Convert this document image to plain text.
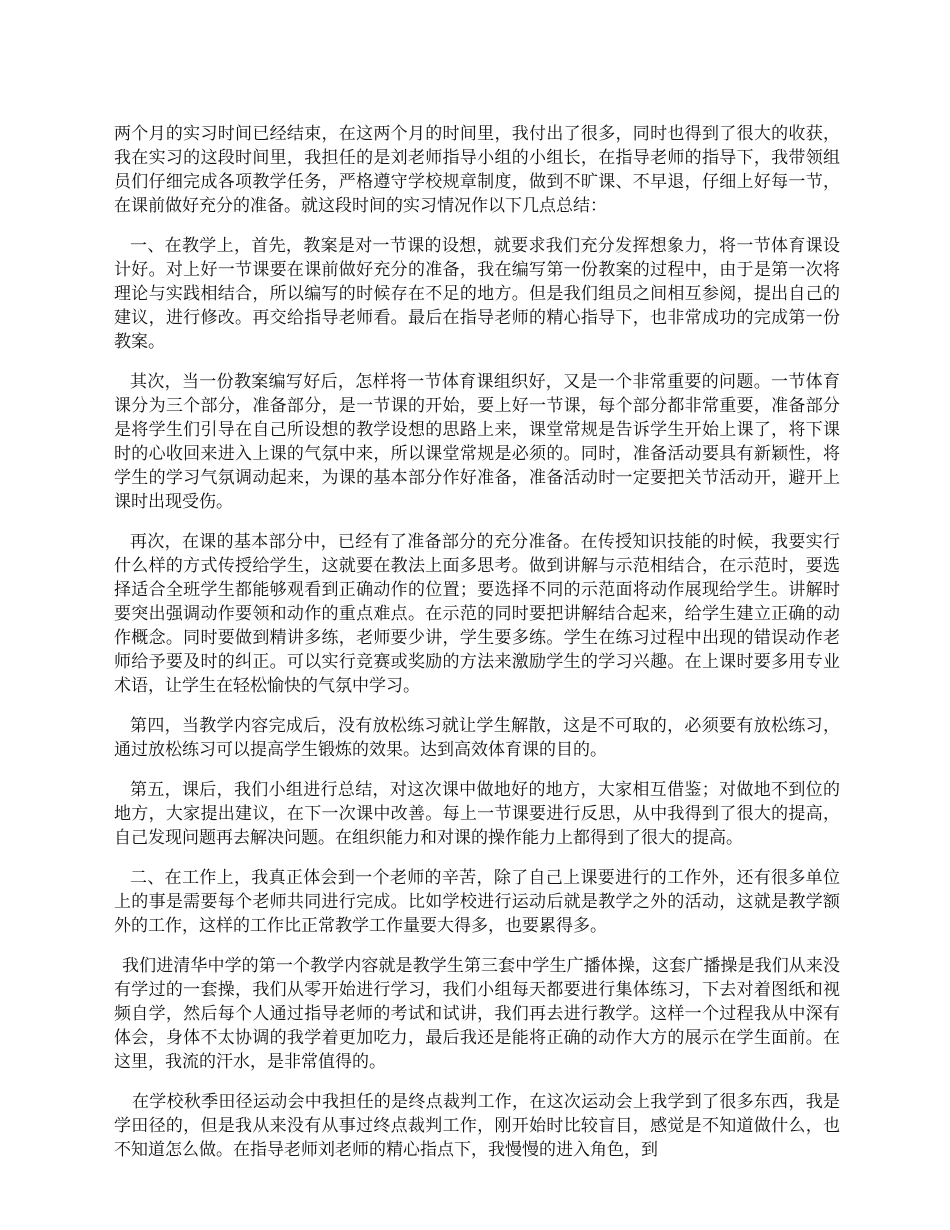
两个月的实习时间已经结束，在这两个月的时间里，我付出了很多，同时也得到了很大的收获，我在实习的这段时间里，我担任的是刘老师指导小组的小组长，在指导老师的指导下，我带领组员们仔细完成各项教学任务，严格遵守学校规章制度，做到不旷课、不早退，仔细上好每一节，在课前做好充分的准备。就这段时间的实习情况作以下几点总结：

一、在教学上，首先，教案是对一节课的设想，就要求我们充分发挥想象力，将一节体育课设计好。对上好一节课要在课前做好充分的准备，我在编写第一份教案的过程中，由于是第一次将理论与实践相结合，所以编写的时候存在不足的地方。但是我们组员之间相互参阅，提出自己的建议，进行修改。再交给指导老师看。最后在指导老师的精心指导下，也非常成功的完成第一份教案。

其次，当一份教案编写好后，怎样将一节体育课组织好，又是一个非常重要的问题。一节体育课分为三个部分，准备部分，是一节课的开始，要上好一节课，每个部分都非常重要，准备部分是将学生们引导在自己所设想的教学设想的思路上来，课堂常规是告诉学生开始上课了，将下课时的心收回来进入上课的气氛中来，所以课堂常规是必须的。同时，准备活动要具有新颖性，将学生的学习气氛调动起来，为课的基本部分作好准备，准备活动时一定要把关节活动开，避开上课时出现受伤。

再次，在课的基本部分中，已经有了准备部分的充分准备。在传授知识技能的时候，我要实行什么样的方式传授给学生，这就要在教法上面多思考。做到讲解与示范相结合，在示范时，要选择适合全班学生都能够观看到正确动作的位置；要选择不同的示范面将动作展现给学生。讲解时要突出强调动作要领和动作的重点难点。在示范的同时要把讲解结合起来，给学生建立正确的动作概念。同时要做到精讲多练，老师要少讲，学生要多练。学生在练习过程中出现的错误动作老师给予要及时的纠正。可以实行竞赛或奖励的方法来激励学生的学习兴趣。在上课时要多用专业术语，让学生在轻松愉快的气氛中学习。

第四，当教学内容完成后，没有放松练习就让学生解散，这是不可取的，必须要有放松练习，通过放松练习可以提高学生锻炼的效果。达到高效体育课的目的。

第五，课后，我们小组进行总结，对这次课中做地好的地方，大家相互借鉴；对做地不到位的地方，大家提出建议，在下一次课中改善。每上一节课要进行反思，从中我得到了很大的提高，自己发现问题再去解决问题。在组织能力和对课的操作能力上都得到了很大的提高。

二、在工作上，我真正体会到一个老师的辛苦，除了自己上课要进行的工作外，还有很多单位上的事是需要每个老师共同进行完成。比如学校进行运动后就是教学之外的活动，这就是教学额外的工作，这样的工作比正常教学工作量要大得多，也要累得多。

我们进清华中学的第一个教学内容就是教学生第三套中学生广播体操，这套广播操是我们从来没有学过的一套操，我们从零开始进行学习，我们小组每天都要进行集体练习，下去对着图纸和视频自学，然后每个人通过指导老师的考试和试讲，我们再去进行教学。这样一个过程我从中深有体会，身体不太协调的我学着更加吃力，最后我还是能将正确的动作大方的展示在学生面前。在这里，我流的汗水，是非常值得的。

在学校秋季田径运动会中我担任的是终点裁判工作，在这次运动会上我学到了很多东西，我是学田径的，但是我从来没有从事过终点裁判工作，刚开始时比较盲目，感觉是不知道做什么，也不知道怎么做。在指导老师刘老师的精心指点下，我慢慢的进入角色，到
